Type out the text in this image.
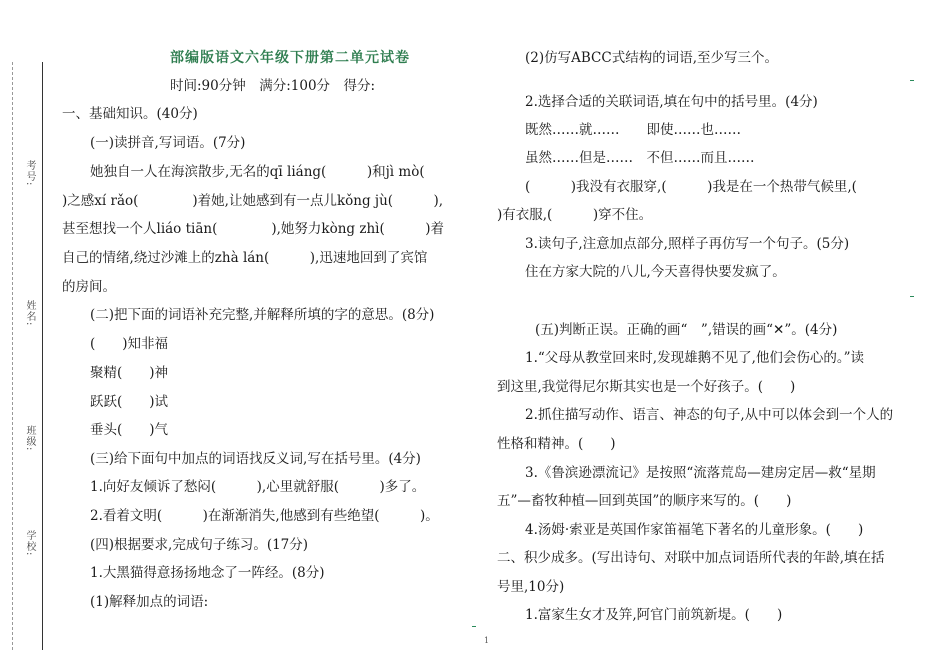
考号:
姓名:
班级:
学校:
部编版语文六年级下册第二单元试卷
时间:90分钟　满分:100分　得分:
一、基础知识。(40分)
(一)读拼音,写词语。(7分)
她独自一人在海滨散步,无名的qī liáng(　　　)和jì mò(
)之感xí rǎo(　　　　)着她,让她感到有一点儿kǒng jù(　　　),
甚至想找一个人liáo tiān(　　　　),她努力kòng zhì(　　　)着
自己的情绪,绕过沙滩上的zhà lán(　　　),迅速地回到了宾馆
的房间。
(二)把下面的词语补充完整,并解释所填的字的意思。(8分)
(　　)知非福
聚精(　　)神
跃跃(　　)试
垂头(　　)气
(三)给下面句中加点的词语找反义词,写在括号里。(4分)
1.向好友倾诉了愁闷(　　　),心里就舒服(　　　)多了。
2.看着文明(　　　)在渐渐消失,他感到有些绝望(　　　)。
(四)根据要求,完成句子练习。(17分)
1.大黑猫得意扬扬地念了一阵经。(8分)
(1)解释加点的词语:
(2)仿写ABCC式结构的词语,至少写三个。
2.选择合适的关联词语,填在句中的括号里。(4分)
既然……就……　　即使……也……
虽然……但是……　不但……而且……
(　　　)我没有衣服穿,(　　　)我是在一个热带气候里,(
)有衣服,(　　　)穿不住。
3.读句子,注意加点部分,照样子再仿写一个句子。(5分)
住在方家大院的八儿,今天喜得快要发疯了。
(五)判断正误。正确的画“　”,错误的画“✕”。(4分)
1.“父母从教堂回来时,发现雄鹅不见了,他们会伤心的。”读
到这里,我觉得尼尔斯其实也是一个好孩子。(　　)
2.抓住描写动作、语言、神态的句子,从中可以体会到一个人的
性格和精神。(　　)
3.《鲁滨逊漂流记》是按照“流落荒岛—建房定居—救“星期
五”—畜牧种植—回到英国”的顺序来写的。(　　)
4.汤姆·索亚是英国作家笛福笔下著名的儿童形象。(　　)
二、积少成多。(写出诗句、对联中加点词语所代表的年龄,填在括
号里,10分)
1.富家生女才及笄,阿官门前筑新堤。(　　)
1
